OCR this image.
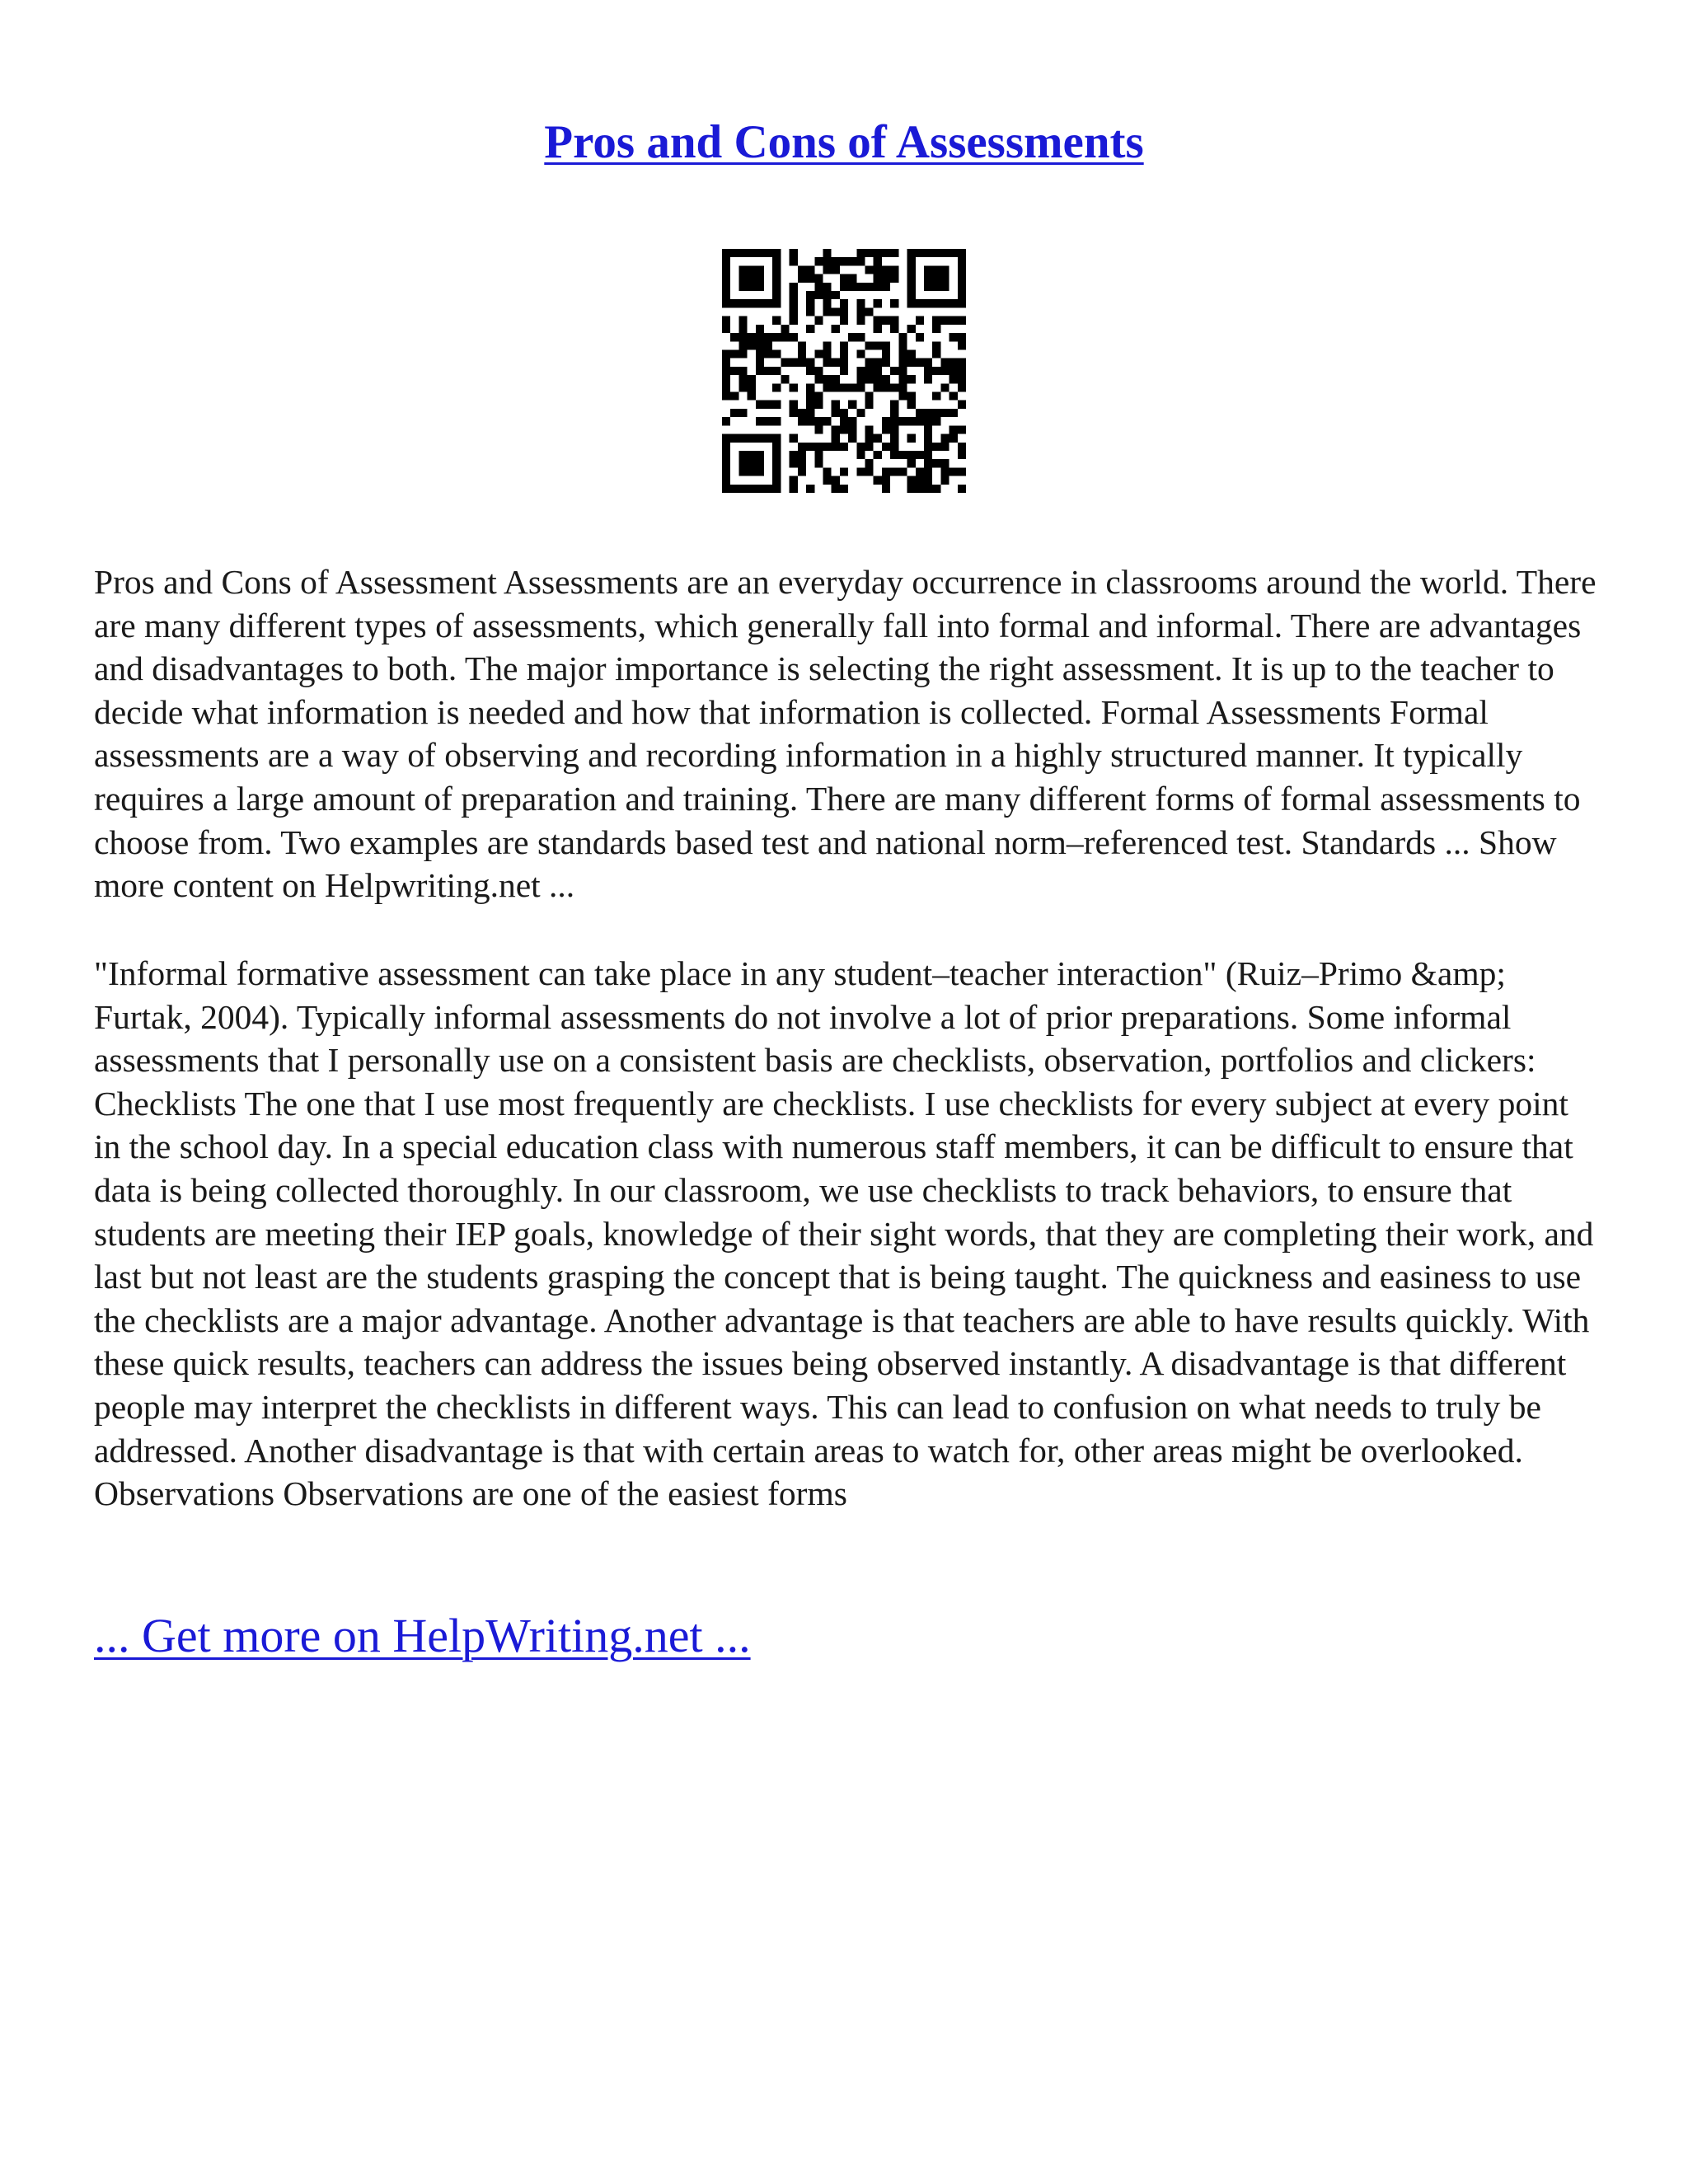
Pros and Cons of Assessments

Pros and Cons of Assessment Assessments are an everyday occurrence in classrooms around the world. There are many different types of assessments, which generally fall into formal and informal. There are advantages and disadvantages to both. The major importance is selecting the right assessment. It is up to the teacher to decide what information is needed and how that information is collected. Formal Assessments Formal assessments are a way of observing and recording information in a highly structured manner. It typically requires a large amount of preparation and training. There are many different forms of formal assessments to choose from. Two examples are standards based test and national norm–referenced test. Standards ... Show more content on Helpwriting.net ...

"Informal formative assessment can take place in any student–teacher interaction" (Ruiz–Primo &amp; Furtak, 2004). Typically informal assessments do not involve a lot of prior preparations. Some informal assessments that I personally use on a consistent basis are checklists, observation, portfolios and clickers: Checklists The one that I use most frequently are checklists. I use checklists for every subject at every point in the school day. In a special education class with numerous staff members, it can be difficult to ensure that data is being collected thoroughly. In our classroom, we use checklists to track behaviors, to ensure that students are meeting their IEP goals, knowledge of their sight words, that they are completing their work, and last but not least are the students grasping the concept that is being taught. The quickness and easiness to use the checklists are a major advantage. Another advantage is that teachers are able to have results quickly. With these quick results, teachers can address the issues being observed instantly. A disadvantage is that different people may interpret the checklists in different ways. This can lead to confusion on what needs to truly be addressed. Another disadvantage is that with certain areas to watch for, other areas might be overlooked. Observations Observations are one of the easiest forms

... Get more on HelpWriting.net ...
